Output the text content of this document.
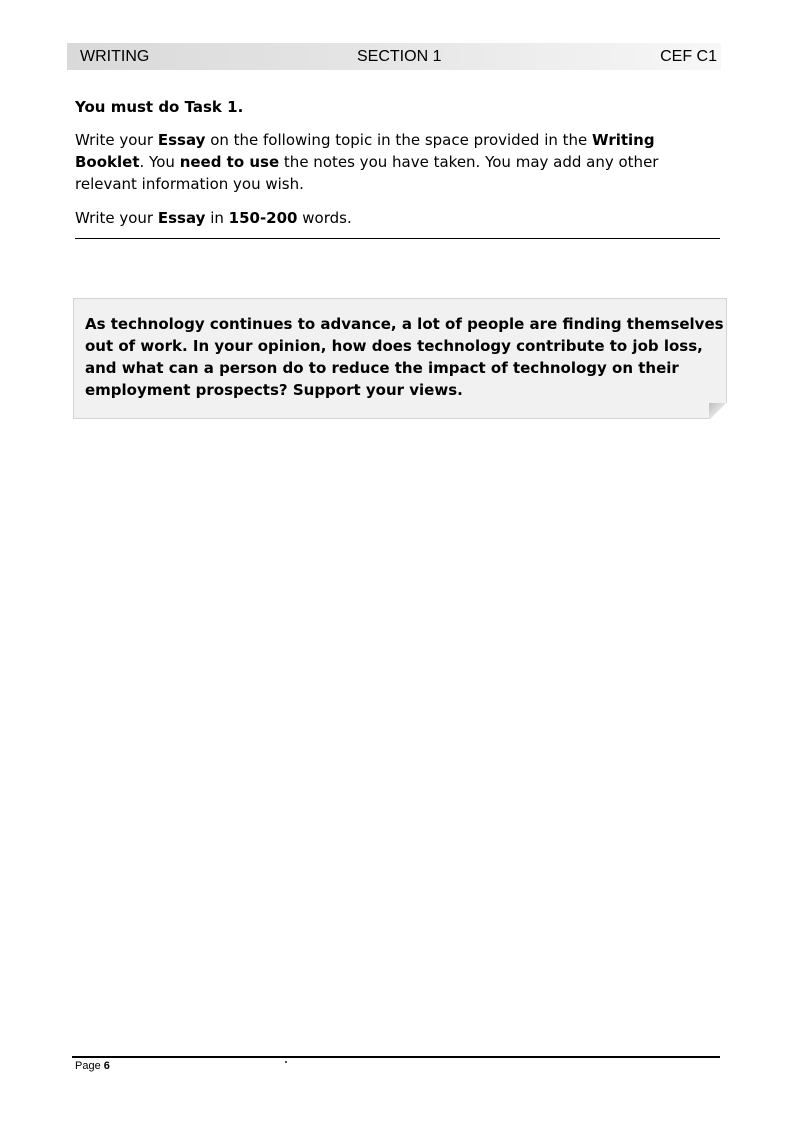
WRITING	SECTION 1	CEF C1

You must do Task 1.

Write your Essay on the following topic in the space provided in the Writing Booklet. You need to use the notes you have taken. You may add any other relevant information you wish.

Write your Essay in 150-200 words.

As technology continues to advance, a lot of people are finding themselves out of work. In your opinion, how does technology contribute to job loss, and what can a person do to reduce the impact of technology on their employment prospects? Support your views.
Page 6
